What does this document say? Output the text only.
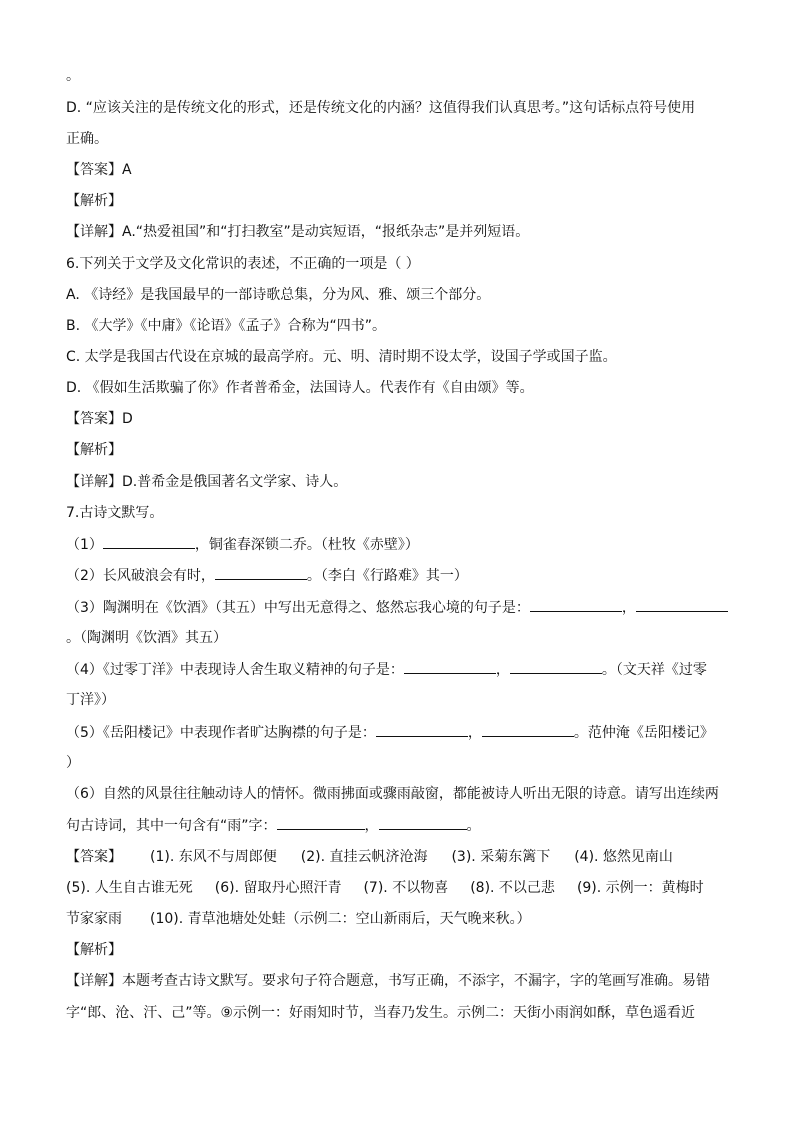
。
D. “应该关注的是传统文化的形式，还是传统文化的内涵？这值得我们认真思考。”这句话标点符号使用
正确。
【答案】A
【解析】
【详解】A.“热爱祖国”和“打扫教室”是动宾短语，“报纸杂志”是并列短语。
6.下列关于文学及文化常识的表述，不正确的一项是（ ）
A. 《诗经》是我国最早的一部诗歌总集，分为风、雅、颂三个部分。
B. 《大学》《中庸》《论语》《孟子》合称为“四书”。
C. 太学是我国古代设在京城的最高学府。元、明、清时期不设太学，设国子学或国子监。
D. 《假如生活欺骗了你》作者普希金，法国诗人。代表作有《自由颂》等。
【答案】D
【解析】
【详解】D.普希金是俄国著名文学家、诗人。
7.古诗文默写。
（1）	，铜雀春深锁二乔。（杜牧《赤壁》）
（2）长风破浪会有时，	。（李白《行路难》其一）
（3）陶渊明在《饮酒》（其五）中写出无意得之、悠然忘我心境的句子是：	，
。（陶渊明《饮酒》其五）
（4）《过零丁洋》中表现诗人舍生取义精神的句子是：	，	。（文天祥《过零
丁洋》）
（5）《岳阳楼记》中表现作者旷达胸襟的句子是：	，	。范仲淹《岳阳楼记》
）
（6）自然的风景往往触动诗人的情怀。微雨拂面或骤雨敲窗，都能被诗人听出无限的诗意。请写出连续两
句古诗词，其中一句含有“雨”字：	，	。
【答案】 (1). 东风不与周郎便 (2). 直挂云帆济沧海 (3). 采菊东篱下 (4). 悠然见南山
(5). 人生自古谁无死 (6). 留取丹心照汗青 (7). 不以物喜 (8). 不以己悲 (9). 示例一：黄梅时
节家家雨 (10). 青草池塘处处蛙（示例二：空山新雨后，天气晚来秋。）
【解析】
【详解】本题考查古诗文默写。要求句子符合题意，书写正确，不添字，不漏字，字的笔画写准确。易错
字“郎、沧、汗、己”等。⑨示例一：好雨知时节，当春乃发生。示例二：天街小雨润如酥，草色遥看近
